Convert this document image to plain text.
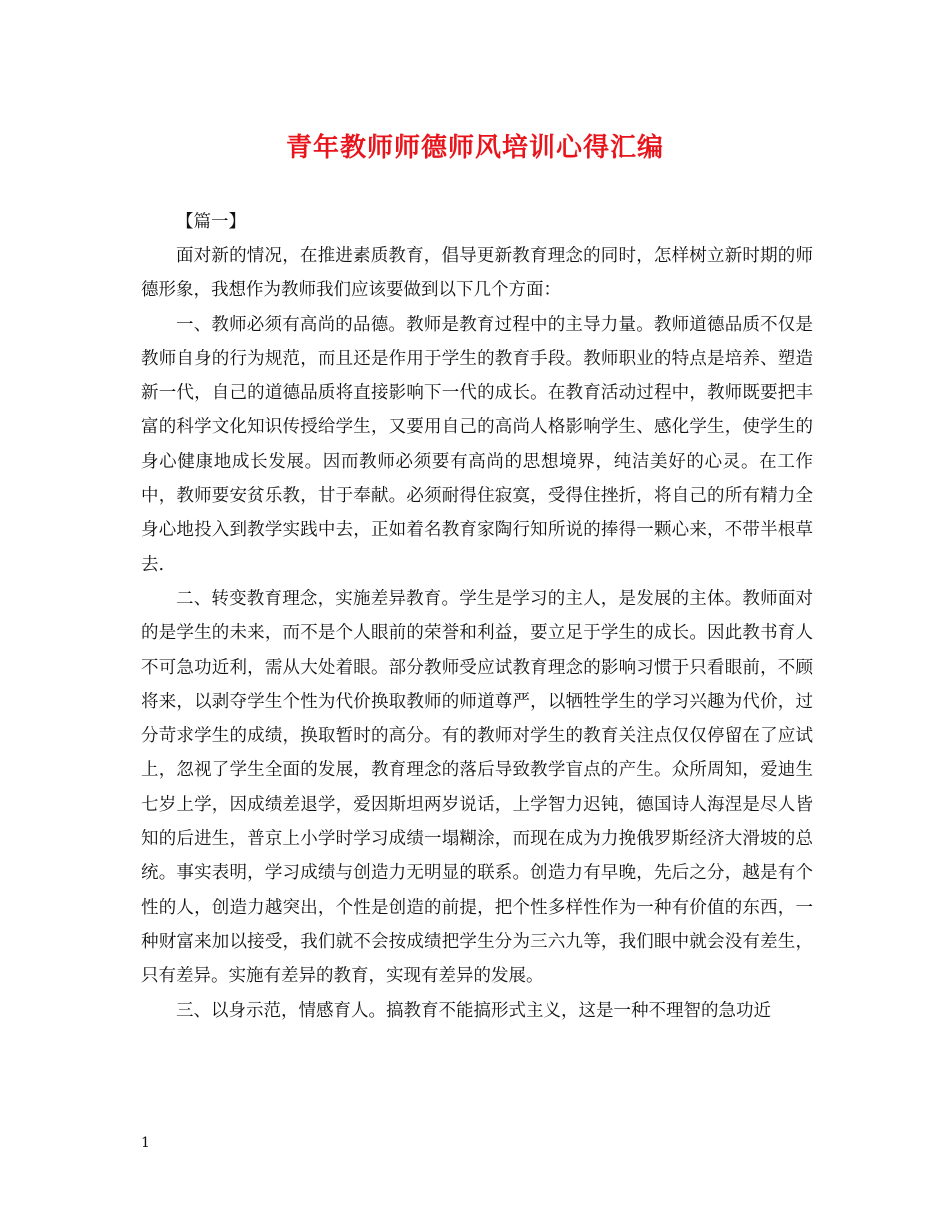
青年教师师德师风培训心得汇编

【篇一】

面对新的情况，在推进素质教育，倡导更新教育理念的同时，怎样树立新时期的师德形象，我想作为教师我们应该要做到以下几个方面：

一、教师必须有高尚的品德。教师是教育过程中的主导力量。教师道德品质不仅是教师自身的行为规范，而且还是作用于学生的教育手段。教师职业的特点是培养、塑造新一代，自己的道德品质将直接影响下一代的成长。在教育活动过程中，教师既要把丰富的科学文化知识传授给学生，又要用自己的高尚人格影响学生、感化学生，使学生的身心健康地成长发展。因而教师必须要有高尚的思想境界，纯洁美好的心灵。在工作中，教师要安贫乐教，甘于奉献。必须耐得住寂寞，受得住挫折，将自己的所有精力全身心地投入到教学实践中去，正如着名教育家陶行知所说的捧得一颗心来，不带半根草去.

二、转变教育理念，实施差异教育。学生是学习的主人，是发展的主体。教师面对的是学生的未来，而不是个人眼前的荣誉和利益，要立足于学生的成长。因此教书育人不可急功近利，需从大处着眼。部分教师受应试教育理念的影响习惯于只看眼前，不顾将来，以剥夺学生个性为代价换取教师的师道尊严，以牺牲学生的学习兴趣为代价，过分苛求学生的成绩，换取暂时的高分。有的教师对学生的教育关注点仅仅停留在了应试上，忽视了学生全面的发展，教育理念的落后导致教学盲点的产生。众所周知，爱迪生七岁上学，因成绩差退学，爱因斯坦两岁说话，上学智力迟钝，德国诗人海涅是尽人皆知的后进生，普京上小学时学习成绩一塌糊涂，而现在成为力挽俄罗斯经济大滑坡的总统。事实表明，学习成绩与创造力无明显的联系。创造力有早晚，先后之分，越是有个性的人，创造力越突出，个性是创造的前提，把个性多样性作为一种有价值的东西，一种财富来加以接受，我们就不会按成绩把学生分为三六九等，我们眼中就会没有差生，只有差异。实施有差异的教育，实现有差异的发展。

三、以身示范，情感育人。搞教育不能搞形式主义，这是一种不理智的急功近

1
